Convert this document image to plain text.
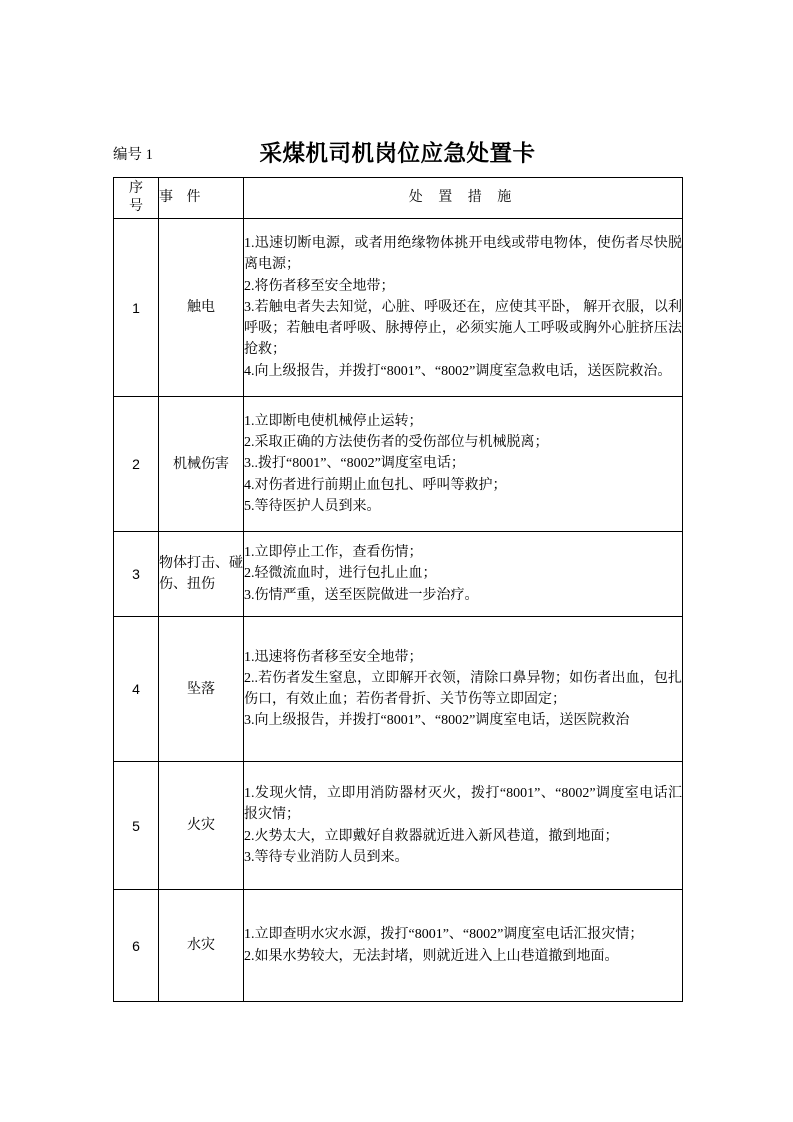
编号 1	采煤机司机岗位应急处置卡
序
号	事 件	处 置 措 施
1	触电	1.迅速切断电源，或者用绝缘物体挑开电线或带电物体，使伤者尽快脱离电源；
2.将伤者移至安全地带；
3.若触电者失去知觉，心脏、呼吸还在，应使其平卧， 解开衣服，以利呼吸；若触电者呼吸、脉搏停止，必须实施人工呼吸或胸外心脏挤压法抢救；
4.向上级报告，并拨打“8001”、“8002”调度室急救电话，送医院救治。

2	机械伤害	1.立即断电使机械停止运转；
2.采取正确的方法使伤者的受伤部位与机械脱离；
3..拨打“8001”、“8002”调度室电话；
4.对伤者进行前期止血包扎、呼叫等救护；
5.等待医护人员到来。

3	物体打击、碰伤、扭伤	1.立即停止工作，查看伤情；
2.轻微流血时，进行包扎止血；
3.伤情严重，送至医院做进一步治疗。

4	坠落	1.迅速将伤者移至安全地带；
2..若伤者发生窒息，立即解开衣领，清除口鼻异物；如伤者出血，包扎伤口，有效止血；若伤者骨折、关节伤等立即固定；
3.向上级报告，并拨打“8001”、“8002”调度室电话，送医院救治

5	火灾	1.发现火情，立即用消防器材灭火，拨打“8001”、“8002”调度室电话汇报灾情；
2.火势太大，立即戴好自救器就近进入新风巷道，撤到地面；
3.等待专业消防人员到来。

6	水灾	1.立即查明水灾水源，拨打“8001”、“8002”调度室电话汇报灾情；
2.如果水势较大，无法封堵，则就近进入上山巷道撤到地面。
